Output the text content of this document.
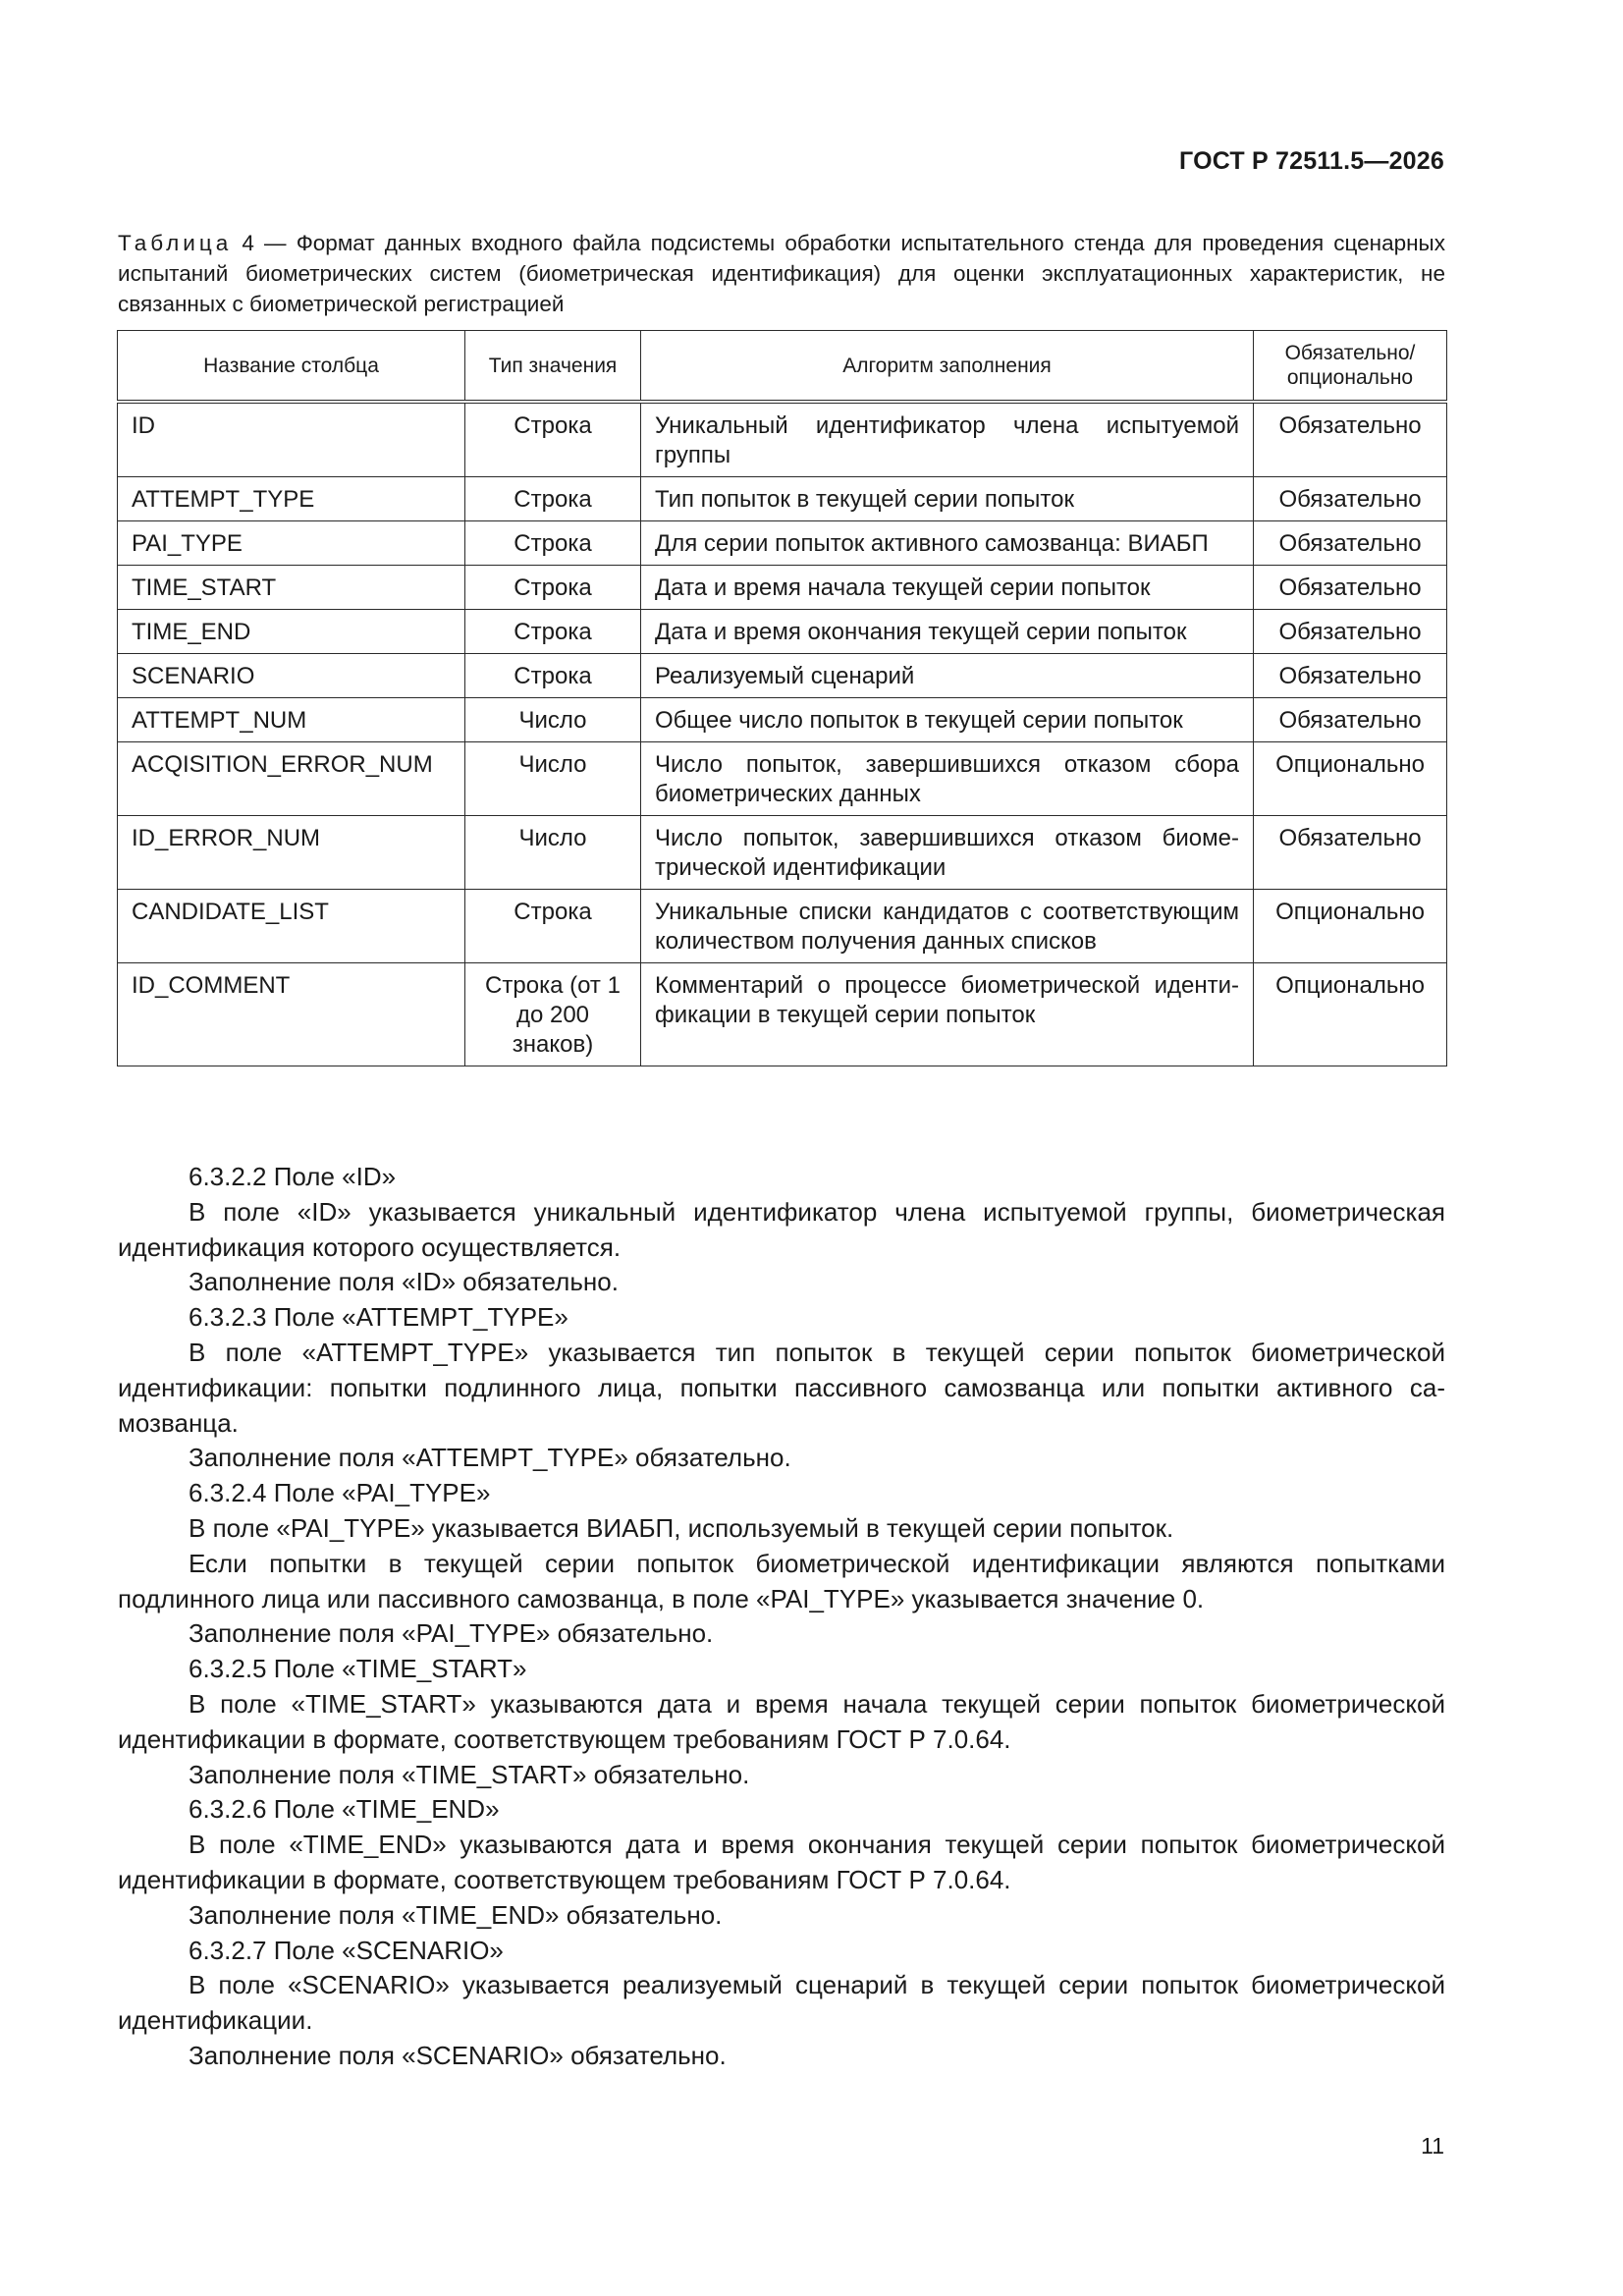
ГОСТ Р 72511.5—2026
Таблица 4 — Формат данных входного файла подсистемы обработки испытательного стенда для проведения сценарных испытаний биометрических систем (биометрическая идентификация) для оценки эксплуатационных характеристик, не связанных с биометрической регистрацией
Название столбца	Тип значения	Алгоритм заполнения	Обязательно/ опционально
ID	Строка	Уникальный идентификатор члена испытуемой группы	Обязательно
ATTEMPT_TYPE	Строка	Тип попыток в текущей серии попыток	Обязательно
PAI_TYPE	Строка	Для серии попыток активного самозванца: ВИАБП	Обязательно
TIME_START	Строка	Дата и время начала текущей серии попыток	Обязательно
TIME_END	Строка	Дата и время окончания текущей серии попыток	Обязательно
SCENARIO	Строка	Реализуемый сценарий	Обязательно
ATTEMPT_NUM	Число	Общее число попыток в текущей серии попыток	Обязательно
ACQISITION_ERROR_NUM	Число	Число попыток, завершившихся отказом сбора биометрических данных	Опционально
ID_ERROR_NUM	Число	Число попыток, завершившихся отказом биометрической идентификации	Обязательно
CANDIDATE_LIST	Строка	Уникальные списки кандидатов с соответствующим количеством получения данных списков	Опционально
ID_COMMENT	Строка (от 1 до 200 знаков)	Комментарий о процессе биометрической идентификации в текущей серии попыток	Опционально

6.3.2.2 Поле «ID»

В поле «ID» указывается уникальный идентификатор члена испытуемой группы, биометрическая идентификация которого осуществляется.

Заполнение поля «ID» обязательно.

6.3.2.3 Поле «ATTEMPT_TYPE»

В поле «ATTEMPT_TYPE» указывается тип попыток в текущей серии попыток биометрической идентификации: попытки подлинного лица, попытки пассивного самозванца или попытки активного самозванца.

Заполнение поля «ATTEMPT_TYPE» обязательно.

6.3.2.4 Поле «PAI_TYPE»

В поле «PAI_TYPE» указывается ВИАБП, используемый в текущей серии попыток.

Если попытки в текущей серии попыток биометрической идентификации являются попытками подлинного лица или пассивного самозванца, в поле «PAI_TYPE» указывается значение 0.

Заполнение поля «PAI_TYPE» обязательно.

6.3.2.5 Поле «TIME_START»

В поле «TIME_START» указываются дата и время начала текущей серии попыток биометрической идентификации в формате, соответствующем требованиям ГОСТ Р 7.0.64.

Заполнение поля «TIME_START» обязательно.

6.3.2.6 Поле «TIME_END»

В поле «TIME_END» указываются дата и время окончания текущей серии попыток биометрической идентификации в формате, соответствующем требованиям ГОСТ Р 7.0.64.

Заполнение поля «TIME_END» обязательно.

6.3.2.7 Поле «SCENARIO»

В поле «SCENARIO» указывается реализуемый сценарий в текущей серии попыток биометрической идентификации.

Заполнение поля «SCENARIO» обязательно.

11
